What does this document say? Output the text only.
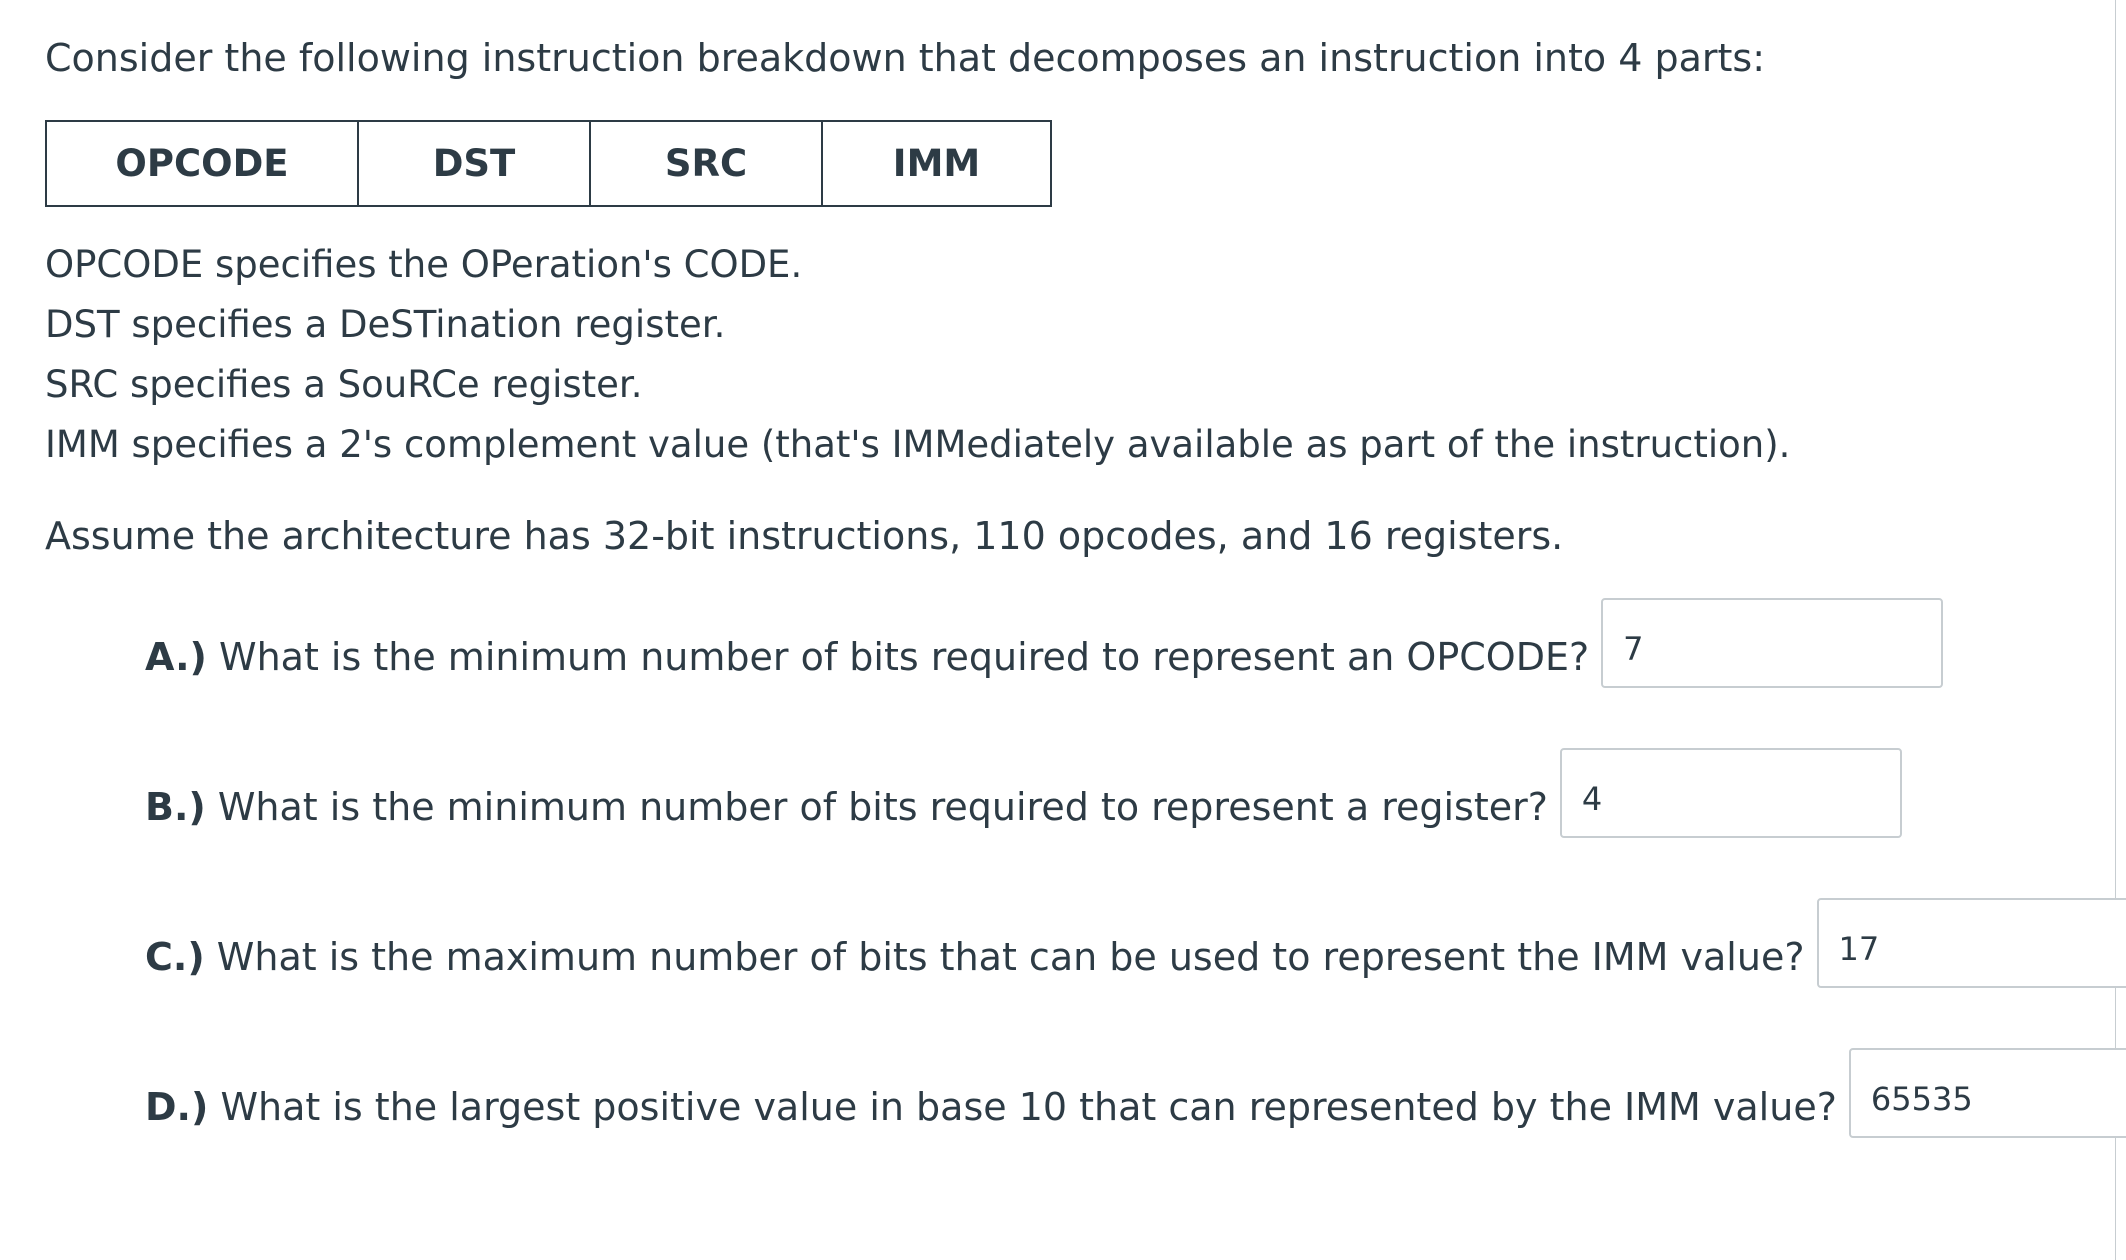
Consider the following instruction breakdown that decomposes an instruction into 4 parts:
OPCODE	DST	SRC	IMM
OPCODE specifies the OPeration's CODE.
DST specifies a DeSTination register.
SRC specifies a SouRCe register.
IMM specifies a 2's complement value (that's IMMediately available as part of the instruction).
Assume the architecture has 32-bit instructions, 110 opcodes, and 16 registers.
A.) What is the minimum number of bits required to represent an OPCODE?
7
B.) What is the minimum number of bits required to represent a register?
4
C.) What is the maximum number of bits that can be used to represent the IMM value?
17
D.) What is the largest positive value in base 10 that can represented by the IMM value?
65535
